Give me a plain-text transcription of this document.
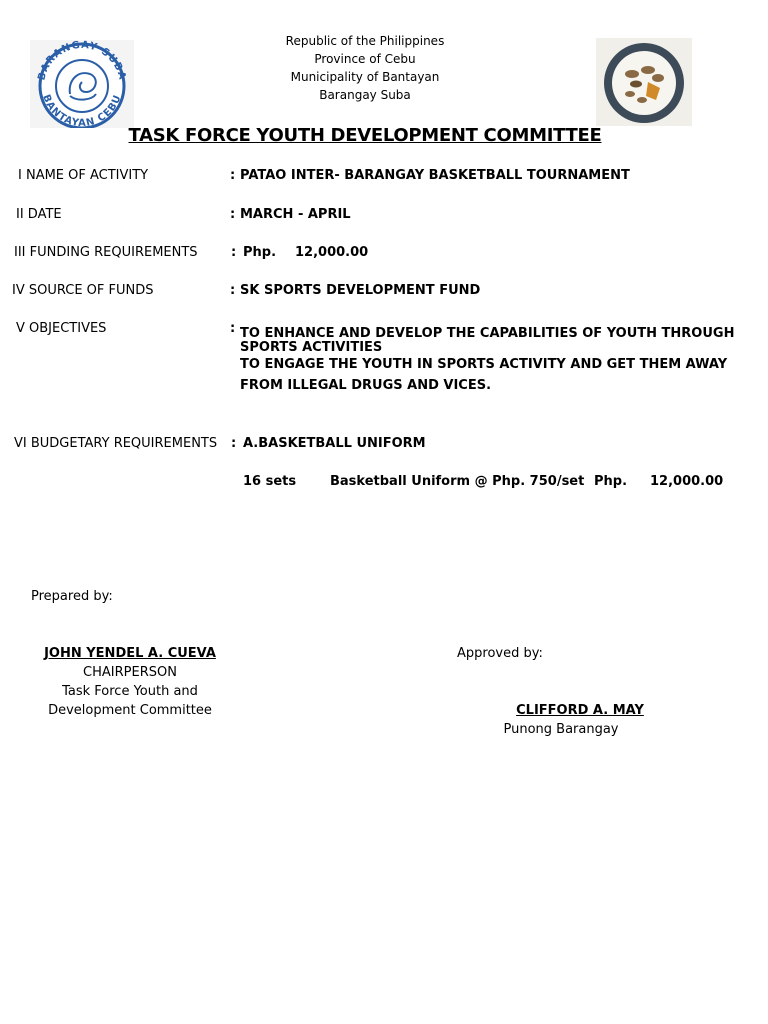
BARANGAY SUBA
BANTAYAN CEBU
Republic of the Philippines
Province of Cebu
Municipality of Bantayan
Barangay Suba
TASK FORCE YOUTH DEVELOPMENT COMMITTEE
I NAME OF ACTIVITY	: PATAO INTER- BARANGAY BASKETBALL TOURNAMENT
II DATE	: MARCH - APRIL
III FUNDING REQUIREMENTS	: Php. 12,000.00
IV SOURCE OF FUNDS	: SK SPORTS DEVELOPMENT FUND
V OBJECTIVES	: TO ENHANCE AND DEVELOP THE CAPABILITIES OF YOUTH THROUGH
SPORTS ACTIVITIES
TO ENGAGE THE YOUTH IN SPORTS ACTIVITY AND GET THEM AWAY
FROM ILLEGAL DRUGS AND VICES.
VI BUDGETARY REQUIREMENTS : A.BASKETBALL UNIFORM
16 sets	Basketball Uniform @ Php. 750/set Php. 12,000.00
Prepared by:
JOHN YENDEL A. CUEVA
CHAIRPERSON
Task Force Youth and
Development Committee
Approved by:
CLIFFORD A. MAY
Punong Barangay
